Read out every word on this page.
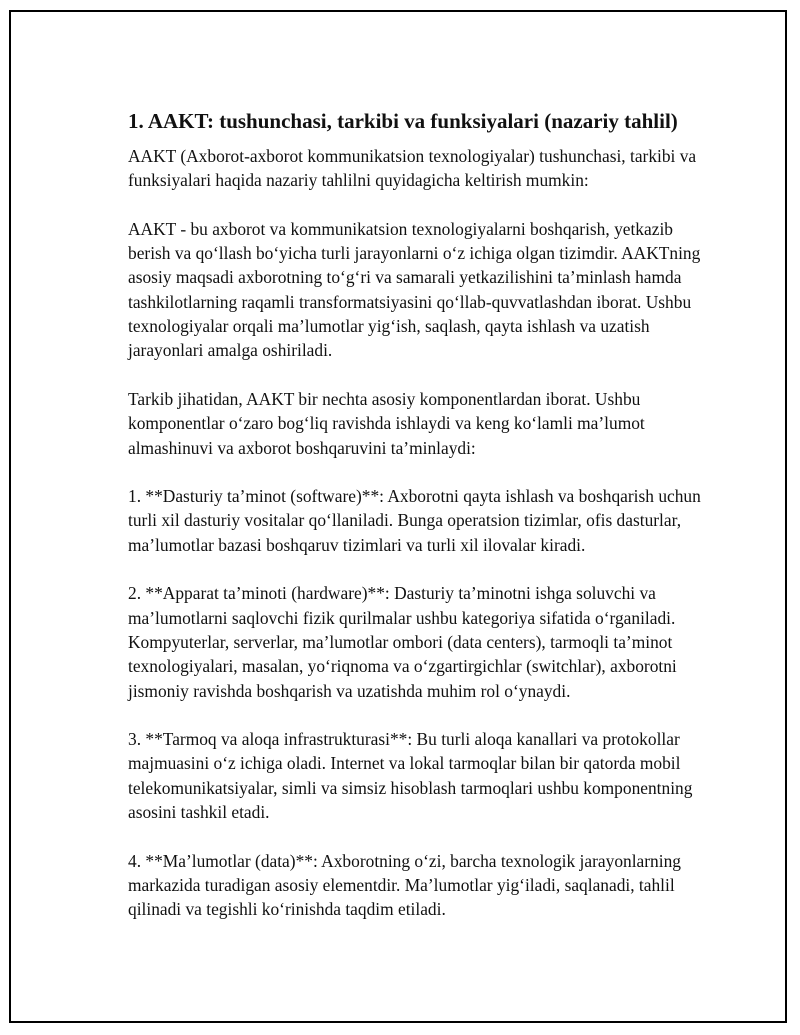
1. AAKT: tushunchasi, tarkibi va funksiyalari (nazariy tahlil)

AAKT (Axborot-axborot kommunikatsion texnologiyalar) tushunchasi, tarkibi va funksiyalari haqida nazariy tahlilni quyidagicha keltirish mumkin:

AAKT - bu axborot va kommunikatsion texnologiyalarni boshqarish, yetkazib berish va qo‘llash bo‘yicha turli jarayonlarni o‘z ichiga olgan tizimdir. AAKTning asosiy maqsadi axborotning to‘g‘ri va samarali yetkazilishini ta’minlash hamda tashkilotlarning raqamli transformatsiyasini qo‘llab-quvvatlashdan iborat. Ushbu texnologiyalar orqali ma’lumotlar yig‘ish, saqlash, qayta ishlash va uzatish jarayonlari amalga oshiriladi.

Tarkib jihatidan, AAKT bir nechta asosiy komponentlardan iborat. Ushbu komponentlar o‘zaro bog‘liq ravishda ishlaydi va keng ko‘lamli ma’lumot almashinuvi va axborot boshqaruvini ta’minlaydi:

1. **Dasturiy ta’minot (software)**: Axborotni qayta ishlash va boshqarish uchun turli xil dasturiy vositalar qo‘llaniladi. Bunga operatsion tizimlar, ofis dasturlar, ma’lumotlar bazasi boshqaruv tizimlari va turli xil ilovalar kiradi.

2. **Apparat ta’minoti (hardware)**: Dasturiy ta’minotni ishga soluvchi va ma’lumotlarni saqlovchi fizik qurilmalar ushbu kategoriya sifatida o‘rganiladi. Kompyuterlar, serverlar, ma’lumotlar ombori (data centers), tarmoqli ta’minot texnologiyalari, masalan, yo‘riqnoma va o‘zgartirgichlar (switchlar), axborotni jismoniy ravishda boshqarish va uzatishda muhim rol o‘ynaydi.

3. **Tarmoq va aloqa infrastrukturasi**: Bu turli aloqa kanallari va protokollar majmuasini o‘z ichiga oladi. Internet va lokal tarmoqlar bilan bir qatorda mobil telekomunikatsiyalar, simli va simsiz hisoblash tarmoqlari ushbu komponentning asosini tashkil etadi.

4. **Ma’lumotlar (data)**: Axborotning o‘zi, barcha texnologik jarayonlarning markazida turadigan asosiy elementdir. Ma’lumotlar yig‘iladi, saqlanadi, tahlil qilinadi va tegishli ko‘rinishda taqdim etiladi.
